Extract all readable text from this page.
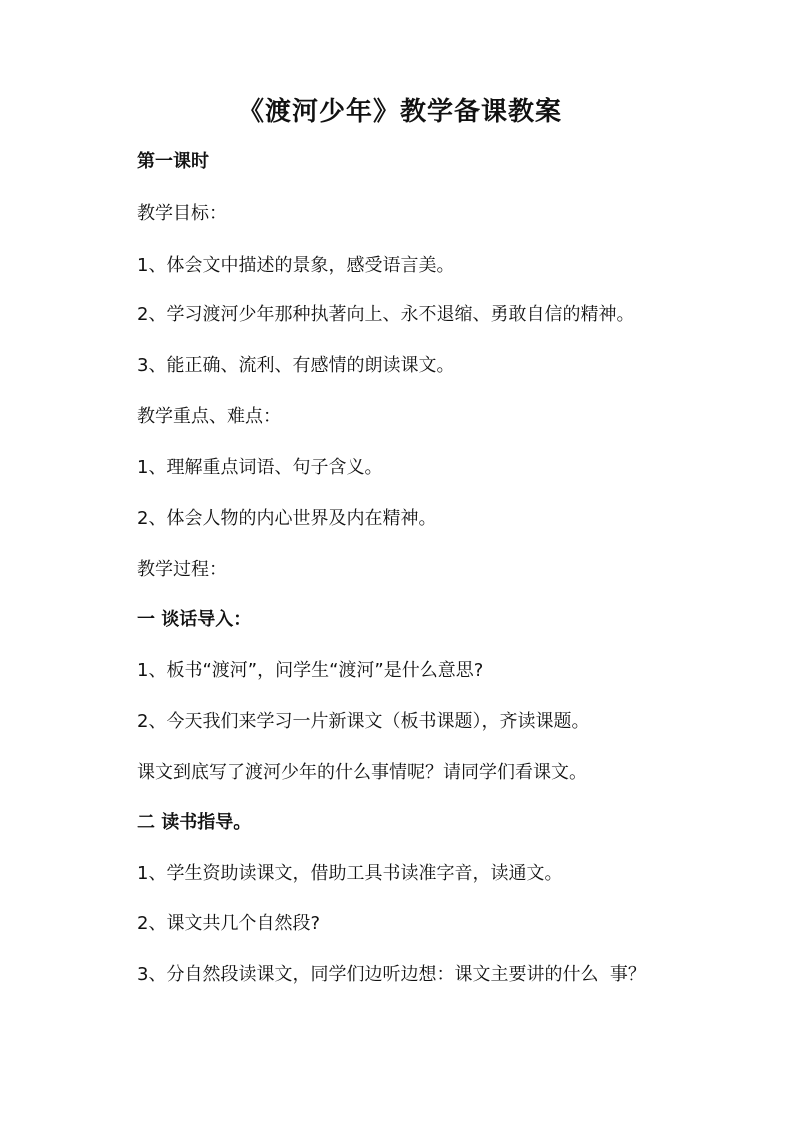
《渡河少年》教学备课教案
第一课时
教学目标：
1、体会文中描述的景象，感受语言美。
2、学习渡河少年那种执著向上、永不退缩、勇敢自信的精神。
3、能正确、流利、有感情的朗读课文。
教学重点、难点：
1、理解重点词语、句子含义。
2、体会人物的内心世界及内在精神。
教学过程：
一 谈话导入：
1、板书“渡河”，问学生“渡河”是什么意思?
2、今天我们来学习一片新课文（板书课题），齐读课题。
课文到底写了渡河少年的什么事情呢？请同学们看课文。
二 读书指导。
1、学生资助读课文，借助工具书读准字音，读通文。
2、课文共几个自然段?
3、分自然段读课文，同学们边听边想：课文主要讲的什么  事？
